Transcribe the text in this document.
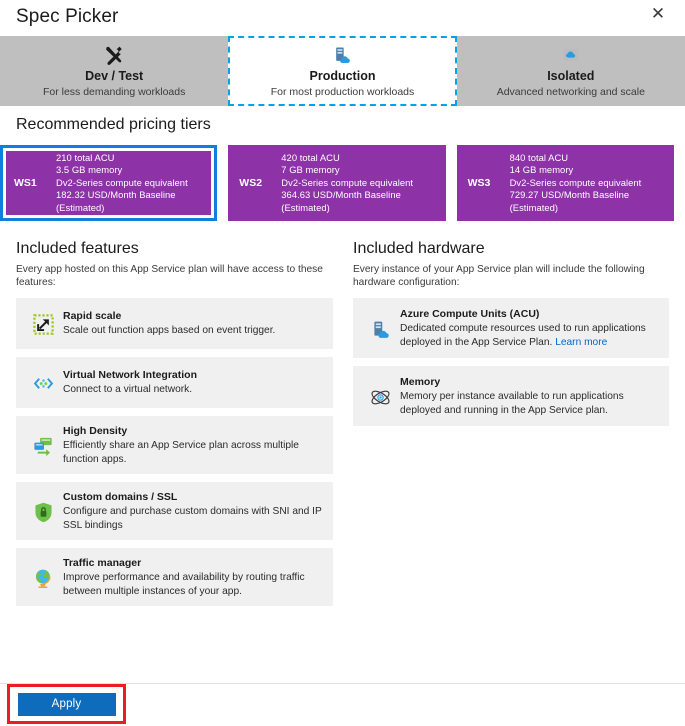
Spec Picker	✕
Dev / Test
For less demanding workloads
Production
For most production workloads
Isolated
Advanced networking and scale
Recommended pricing tiers
WS1
210 total ACU
3.5 GB memory
Dv2-Series compute equivalent
182.32 USD/Month Baseline
(Estimated)
WS2
420 total ACU
7 GB memory
Dv2-Series compute equivalent
364.63 USD/Month Baseline
(Estimated)
WS3
840 total ACU
14 GB memory
Dv2-Series compute equivalent
729.27 USD/Month Baseline
(Estimated)
Included features
Every app hosted on this App Service plan will have access to these features:
Rapid scale
Scale out function apps based on event trigger.
Virtual Network Integration
Connect to a virtual network.
High Density
Efficiently share an App Service plan across multiple function apps.
Custom domains / SSL
Configure and purchase custom domains with SNI and IP SSL bindings
Traffic manager
Improve performance and availability by routing traffic between multiple instances of your app.
Included hardware
Every instance of your App Service plan will include the following hardware configuration:
Azure Compute Units (ACU)
Dedicated compute resources used to run applications deployed in the App Service Plan. Learn more
Memory
Memory per instance available to run applications deployed and running in the App Service plan.
Apply
